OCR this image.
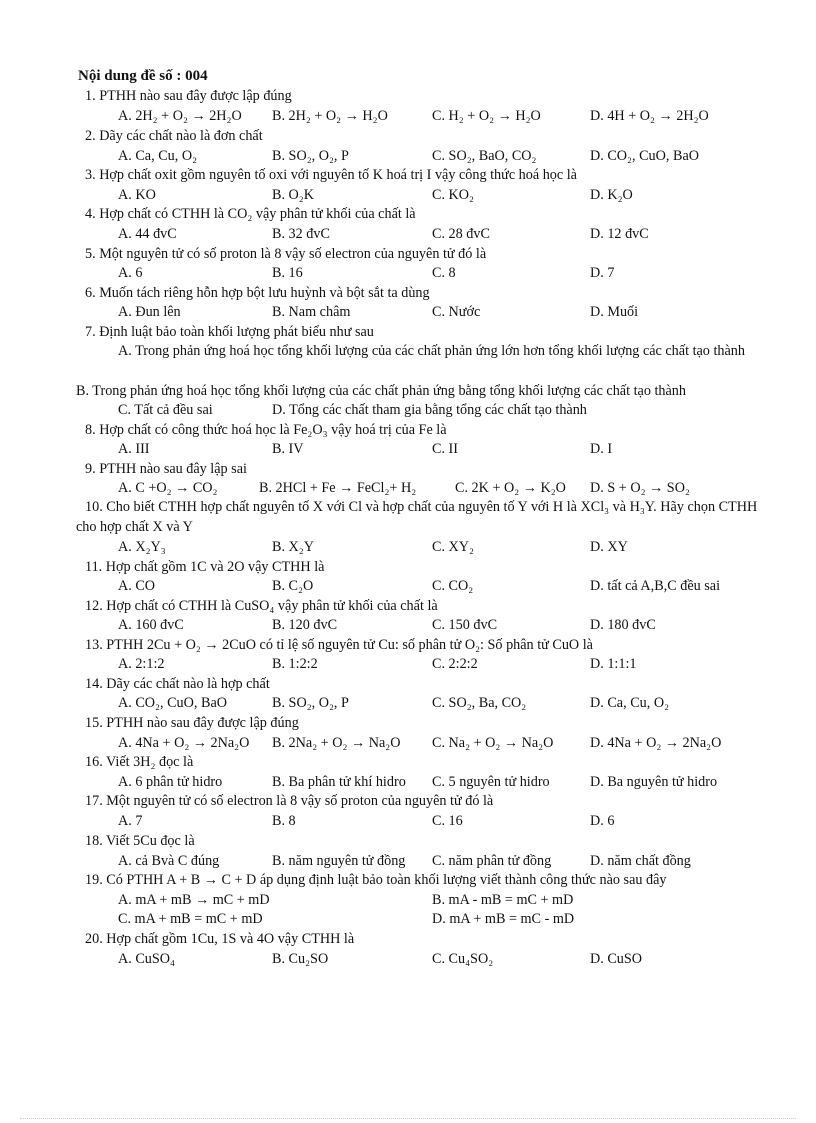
Nội dung đề số : 004
1. PTHH nào sau đây được lập đúng
A. 2H₂ + O₂ → 2H₂O B. 2H₂ + O₂ → H₂O	C. H₂ + O₂ → H₂O	D. 4H + O₂ → 2H₂O
2. Dãy các chất nào là đơn chất
A. Ca, Cu, O₂	B. SO₂, O₂, P	C. SO₂, BaO, CO₂	D. CO₂, CuO, BaO
3. Hợp chất oxit gồm nguyên tố oxi với nguyên tố K hoá trị I vậy công thức hoá học là
A. KO	B. O₂K	C. KO₂	D. K₂O
4. Hợp chất có CTHH là CO₂ vậy phân tử khối của chất là
A. 44 đvC	B. 32 đvC	C. 28 đvC	D. 12 đvC
5. Một nguyên tử có số proton là 8 vậy số electron của nguyên tử đó là
A. 6	B. 16	C. 8	D. 7
6. Muốn tách riêng hỗn hợp bột lưu huỳnh và bột sắt ta dùng
A. Đun lên	B. Nam châm	C. Nước	D. Muối
7. Định luật bảo toàn khối lượng phát biểu như sau
A. Trong phản ứng hoá học tổng khối lượng của các chất phản ứng lớn hơn tổng khối lượng các chất tạo thành
B. Trong phản ứng hoá học tổng khối lượng của các chất phản ứng bằng tổng khối lượng các chất tạo thành
C. Tất cả đều sai	D. Tổng các chất tham gia bằng tổng các chất tạo thành
8. Hợp chất có công thức hoá học là Fe₂O₃ vậy hoá trị của Fe là
A. III	B. IV	C. II	D. I
9. PTHH nào sau đây lập sai
A. C +O₂ → CO₂	B. 2HCl + Fe → FeCl₂+ H₂	C. 2K + O₂ → K₂O D. S + O₂ → SO₂
10. Cho biết CTHH hợp chất nguyên tố X với Cl và hợp chất của nguyên tố Y với H là XCl₃ và H₃Y. Hãy chọn CTHH cho hợp chất X và Y
A. X₂Y₃	B. X₂Y	C. XY₂	D. XY
11. Hợp chất gồm 1C và 2O vậy CTHH là
A. CO	B. C₂O	C. CO₂	D. tất cả A,B,C đều sai
12. Hợp chất có CTHH là CuSO₄ vậy phân tử khối của chất là
A. 160 đvC	B. 120 đvC	C. 150 đvC	D. 180 đvC
13. PTHH 2Cu + O₂ → 2CuO có tỉ lệ số nguyên tử Cu: số phân tử O₂: Số phân tử CuO là
A. 2:1:2	B. 1:2:2	C. 2:2:2	D. 1:1:1
14. Dãy các chất nào là hợp chất
A. CO₂, CuO, BaO	B. SO₂, O₂, P	C. SO₂, Ba, CO₂	D. Ca, Cu, O₂
15. PTHH nào sau đây được lập đúng
A. 4Na + O₂ → 2Na₂O B. 2Na₂ + O₂ → Na₂O C. Na₂ + O₂ → Na₂O	D. 4Na + O₂ → 2Na₂O
16. Viết 3H₂ đọc là
A. 6 phân tử hidro	B. Ba phân tử khí hidro C. 5 nguyên tử hidro	D. Ba nguyên tử hidro
17. Một nguyên tử có số electron là 8 vậy số proton của nguyên tử đó là
A. 7	B. 8	C. 16	D. 6
18. Viết 5Cu đọc là
A. cả Bvà C đúng	B. năm nguyên tử đồng C. năm phân tử đồng	D. năm chất đồng
19. Có PTHH A + B → C + D áp dụng định luật bảo toàn khối lượng viết thành công thức nào sau đây
A. mA + mB → mC + mD	B. mA - mB = mC + mD
C. mA + mB = mC + mD	D. mA + mB = mC - mD
20. Hợp chất gồm 1Cu, 1S và 4O vậy CTHH là
A. CuSO₄	B. Cu₂SO	C. Cu₄SO₂	D. CuSO
